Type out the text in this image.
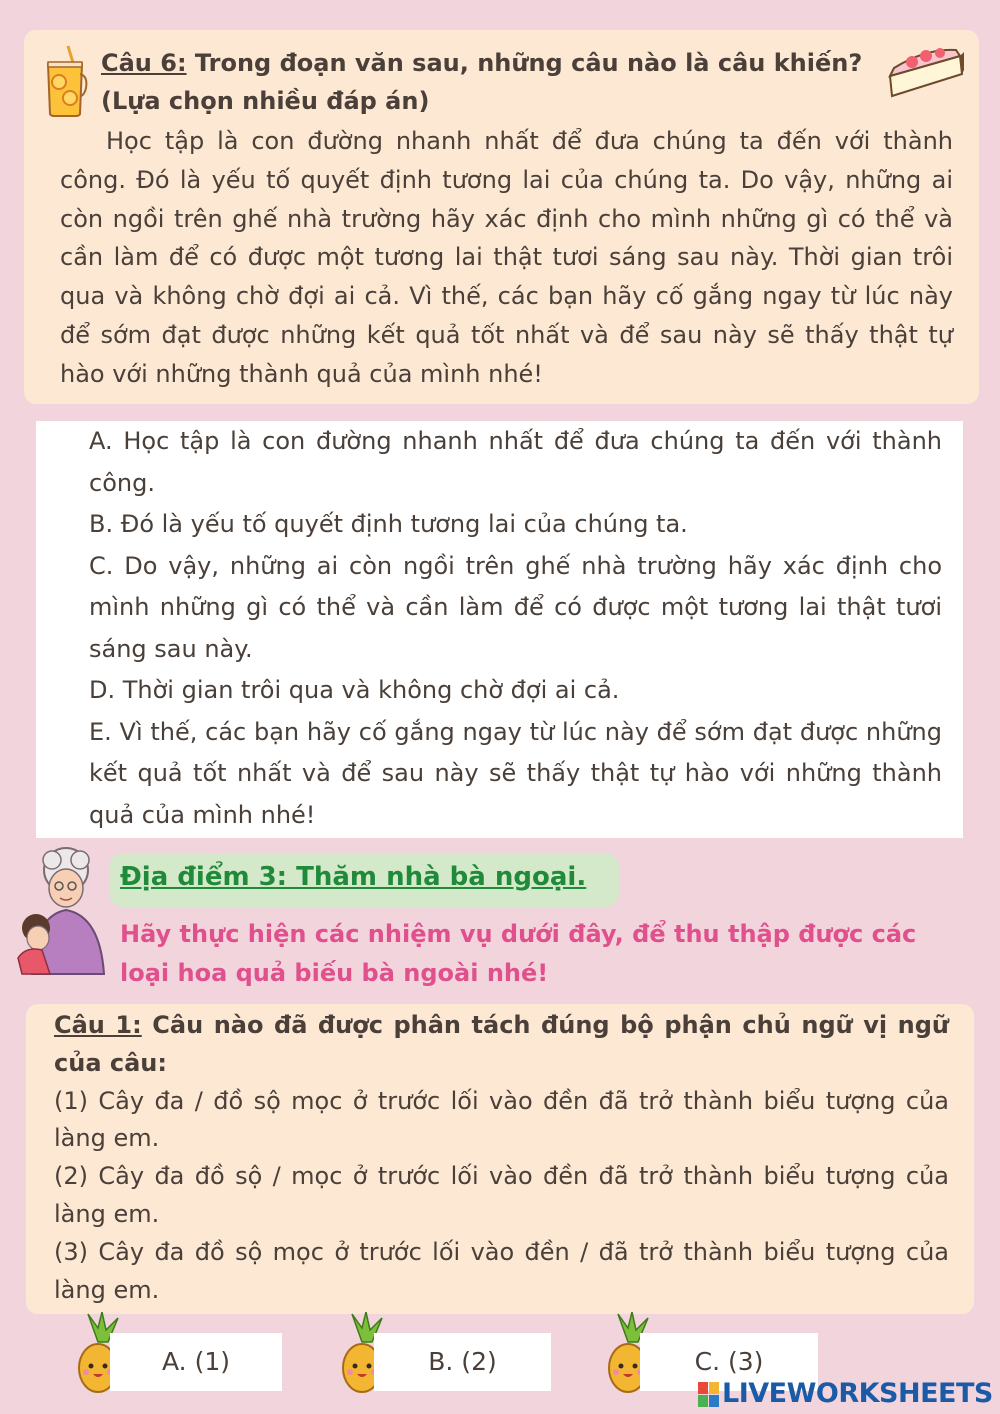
Câu 6: Trong đoạn văn sau, những câu nào là câu khiến? (Lựa chọn nhiều đáp án)
Học tập là con đường nhanh nhất để đưa chúng ta đến với thành công. Đó là yếu tố quyết định tương lai của chúng ta. Do vậy, những ai còn ngồi trên ghế nhà trường hãy xác định cho mình những gì có thể và cần làm để có được một tương lai thật tươi sáng sau này. Thời gian trôi qua và không chờ đợi ai cả. Vì thế, các bạn hãy cố gắng ngay từ lúc này để sớm đạt được những kết quả tốt nhất và để sau này sẽ thấy thật tự hào với những thành quả của mình nhé!

A. Học tập là con đường nhanh nhất để đưa chúng ta đến với thành công.

B. Đó là yếu tố quyết định tương lai của chúng ta.

C. Do vậy, những ai còn ngồi trên ghế nhà trường hãy xác định cho mình những gì có thể và cần làm để có được một tương lai thật tươi sáng sau này.

D. Thời gian trôi qua và không chờ đợi ai cả.

E. Vì thế, các bạn hãy cố gắng ngay từ lúc này để sớm đạt được những kết quả tốt nhất và để sau này sẽ thấy thật tự hào với những thành quả của mình nhé!

Địa điểm 3: Thăm nhà bà ngoại.
Hãy thực hiện các nhiệm vụ dưới đây, để thu thập được các loại hoa quả biếu bà ngoài nhé!

Câu 1: Câu nào đã được phân tách đúng bộ phận chủ ngữ vị ngữ của câu:

(1) Cây đa / đồ sộ mọc ở trước lối vào đền đã trở thành biểu tượng của làng em.

(2) Cây đa đồ sộ / mọc ở trước lối vào đền đã trở thành biểu tượng của làng em.

(3) Cây đa đồ sộ mọc ở trước lối vào đền / đã trở thành biểu tượng của làng em.

A. (1)	B. (2)	C. (3)
LIVEWORKSHEETS
